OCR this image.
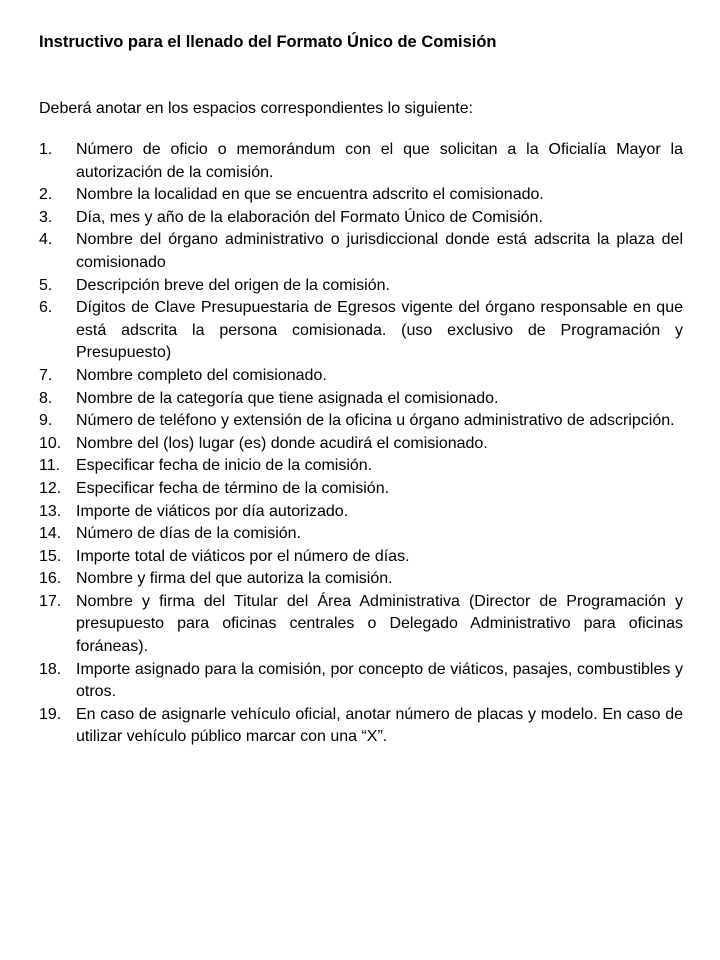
Instructivo para el llenado del Formato Único de Comisión

Deberá anotar en los espacios correspondientes lo siguiente:

1.	Número de oficio o memorándum con el que solicitan a la Oficialía Mayor la autorización de la comisión.
2.	Nombre la localidad en que se encuentra adscrito el comisionado.
3.	Día, mes y año de la elaboración del Formato Único de Comisión.
4.	Nombre del órgano administrativo o jurisdiccional donde está adscrita la plaza del comisionado
5.	Descripción breve del origen de la comisión.
6.	Dígitos de Clave Presupuestaria de Egresos vigente del órgano responsable en que está adscrita la persona comisionada. (uso exclusivo de Programación y Presupuesto)
7.	Nombre completo del comisionado.
8.	Nombre de la categoría que tiene asignada el comisionado.
9.	Número de teléfono y extensión de la oficina u órgano administrativo de adscripción.
10. Nombre del (los) lugar (es) donde acudirá el comisionado.
11. Especificar fecha de inicio de la comisión.
12. Especificar fecha de término de la comisión.
13. Importe de viáticos por día autorizado.
14. Número de días de la comisión.
15. Importe total de viáticos por el número de días.
16. Nombre y firma del que autoriza la comisión.
17. Nombre y firma del Titular del Área Administrativa (Director de Programación y presupuesto para oficinas centrales o Delegado Administrativo para oficinas foráneas).
18. Importe asignado para la comisión, por concepto de viáticos, pasajes, combustibles y otros.
19. En caso de asignarle vehículo oficial, anotar número de placas y modelo. En caso de utilizar vehículo público marcar con una “X”.
